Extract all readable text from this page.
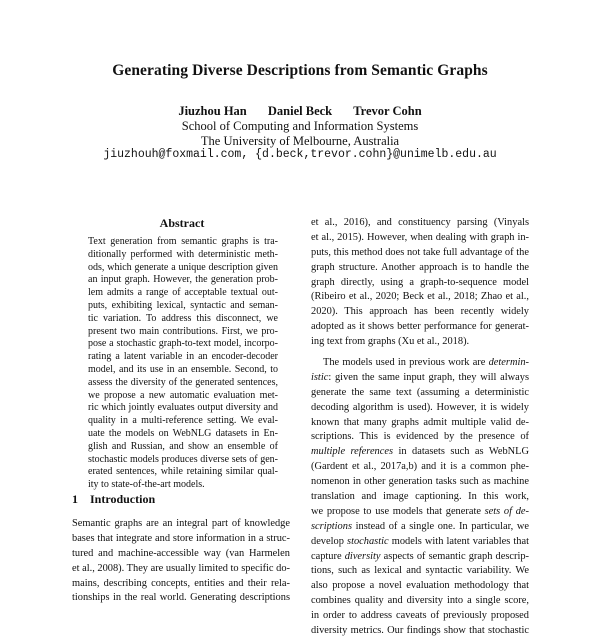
Generating Diverse Descriptions from Semantic Graphs
Jiuzhou Han Daniel Beck Trevor Cohn
School of Computing and Information Systems
The University of Melbourne, Australia
jiuzhouh@foxmail.com, {d.beck,trevor.cohn}@unimelb.edu.au
Abstract
Text generation from semantic graphs is tra-
ditionally performed with deterministic meth-
ods, which generate a unique description given
an input graph. However, the generation prob-
lem admits a range of acceptable textual out-
puts, exhibiting lexical, syntactic and seman-
tic variation. To address this disconnect, we
present two main contributions. First, we pro-
pose a stochastic graph-to-text model, incorpo-
rating a latent variable in an encoder-decoder
model, and its use in an ensemble. Second, to
assess the diversity of the generated sentences,
we propose a new automatic evaluation met-
ric which jointly evaluates output diversity and
quality in a multi-reference setting. We eval-
uate the models on WebNLG datasets in En-
glish and Russian, and show an ensemble of
stochastic models produces diverse sets of gen-
erated sentences, while retaining similar qual-
ity to state-of-the-art models.
1 Introduction
Semantic graphs are an integral part of knowledge
bases that integrate and store information in a struc-
tured and machine-accessible way (van Harmelen
et al., 2008). They are usually limited to specific do-
mains, describing concepts, entities and their rela-
tionships in the real world. Generating descriptions
et al., 2016), and constituency parsing (Vinyals
et al., 2015). However, when dealing with graph in-
puts, this method does not take full advantage of the
graph structure. Another approach is to handle the
graph directly, using a graph-to-sequence model
(Ribeiro et al., 2020; Beck et al., 2018; Zhao et al.,
2020). This approach has been recently widely
adopted as it shows better performance for generat-
ing text from graphs (Xu et al., 2018).
The models used in previous work are determin-
istic: given the same input graph, they will always
generate the same text (assuming a deterministic
decoding algorithm is used). However, it is widely
known that many graphs admit multiple valid de-
scriptions. This is evidenced by the presence of
multiple references in datasets such as WebNLG
(Gardent et al., 2017a,b) and it is a common phe-
nomenon in other generation tasks such as machine
translation and image captioning. In this work,
we propose to use models that generate sets of de-
scriptions instead of a single one. In particular, we
develop stochastic models with latent variables that
capture diversity aspects of semantic graph descrip-
tions, such as lexical and syntactic variability. We
also propose a novel evaluation methodology that
combines quality and diversity into a single score,
in order to address caveats of previously proposed
diversity metrics. Our findings show that stochastic
